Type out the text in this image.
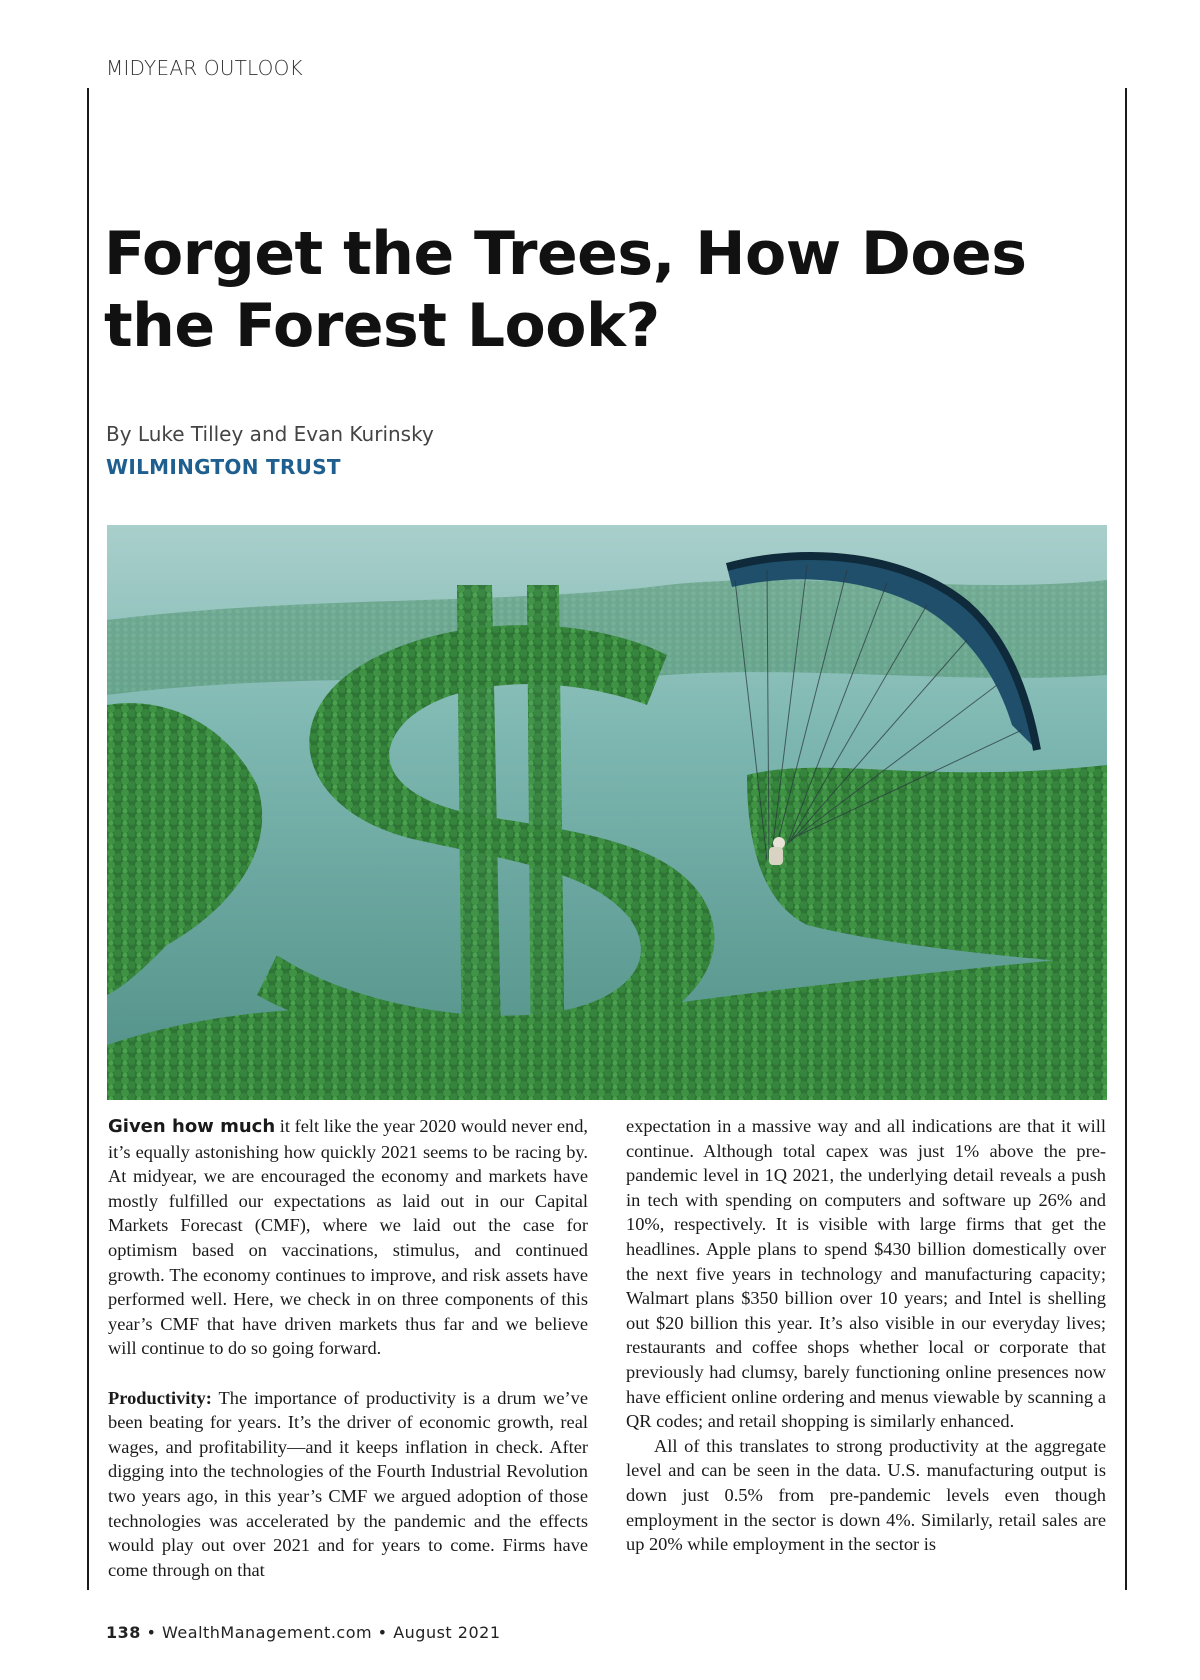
MIDYEAR OUTLOOK
Forget the Trees, How Does the Forest Look?
By Luke Tilley and Evan Kurinsky
WILMINGTON TRUST

Given how much it felt like the year 2020 would never end, it’s equally astonishing how quickly 2021 seems to be racing by. At midyear, we are encouraged the economy and markets have mostly fulfilled our expectations as laid out in our Capital Markets Forecast (CMF), where we laid out the case for optimism based on vaccinations, stimulus, and continued growth. The economy continues to improve, and risk assets have performed well. Here, we check in on three components of this year’s CMF that have driven markets thus far and we believe will continue to do so going forward.

Productivity: The importance of productivity is a drum we’ve been beating for years. It’s the driver of economic growth, real wages, and profitability—and it keeps inflation in check. After digging into the technologies of the Fourth Industrial Revolution two years ago, in this year’s CMF we argued adoption of those technologies was accelerated by the pandemic and the effects would play out over 2021 and for years to come. Firms have come through on that

expectation in a massive way and all indications are that it will continue. Although total capex was just 1% above the pre-pandemic level in 1Q 2021, the underlying detail reveals a push in tech with spending on computers and software up 26% and 10%, respectively. It is visible with large firms that get the headlines. Apple plans to spend $430 billion domestically over the next five years in technology and manufacturing capacity; Walmart plans $350 billion over 10 years; and Intel is shelling out $20 billion this year. It’s also visible in our everyday lives; restaurants and coffee shops whether local or corporate that previously had clumsy, barely functioning online presences now have efficient online ordering and menus viewable by scanning a QR codes; and retail shopping is similarly enhanced.

All of this translates to strong productivity at the aggregate level and can be seen in the data. U.S. manufacturing output is down just 0.5% from pre-pandemic levels even though employment in the sector is down 4%. Similarly, retail sales are up 20% while employment in the sector is

138 • WealthManagement.com • August 2021
